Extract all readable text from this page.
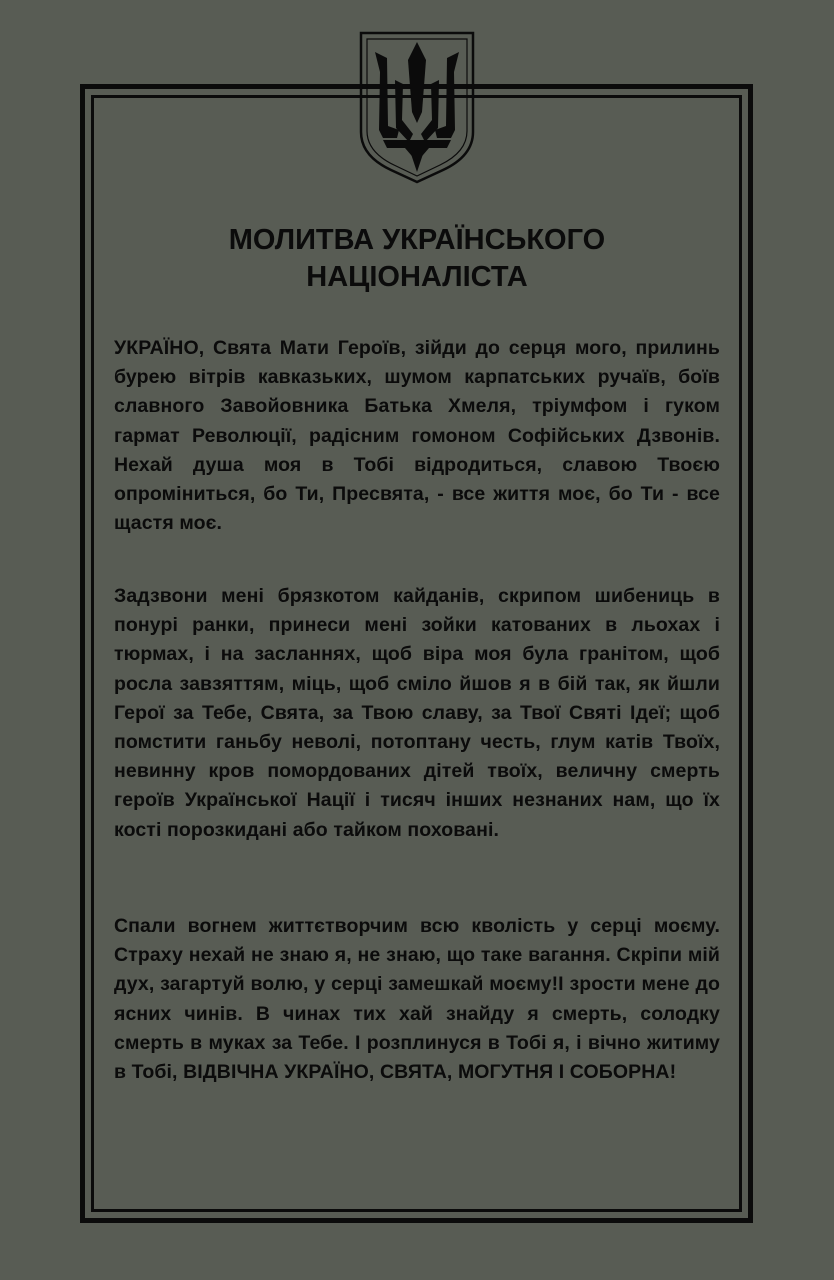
МОЛИТВА УКРАЇНСЬКОГО
НАЦІОНАЛІСТА

УКРАЇНО, Свята Мати Героїв, зійди до серця мого, прилинь бурею вітрів кавказьких, шумом карпатських ручаїв, боїв славного Завойовника Батька Хмеля, тріумфом і гуком гармат Революції, радісним гомоном Софійських Дзвонів. Нехай душа моя в Тобі відродиться, славою Твоєю опроміниться, бо Ти, Пресвята, - все життя моє, бо Ти - все щастя моє.

Задзвони мені брязкотом кайданів, скрипом шибениць в понурі ранки, принеси мені зойки катованих в льохах і тюрмах, і на засланнях, щоб віра моя була гранітом, щоб росла завзяттям, міць, щоб сміло йшов я в бій так, як йшли Герої за Тебе, Свята, за Твою славу, за Твої Святі Ідеї; щоб помстити ганьбу неволі, потоптану честь, глум катів Твоїх, невинну кров помордованих дітей твоїх, величну смерть героїв Української Нації і тисяч інших незнаних нам, що їх кості порозкидані або тайком поховані.

Спали вогнем життєтворчим всю кволість у серці моєму. Страху нехай не знаю я, не знаю, що таке вагання. Скріпи мій дух, загартуй волю, у серці замешкай моєму!І зрости мене до ясних чинів. В чинах тих хай знайду я смерть, солодку смерть в муках за Тебе. І розплинуся в Тобі я, і вічно житиму в Тобі, ВІДВІЧНА УКРАЇНО, СВЯТА, МОГУТНЯ І СОБОРНА!
